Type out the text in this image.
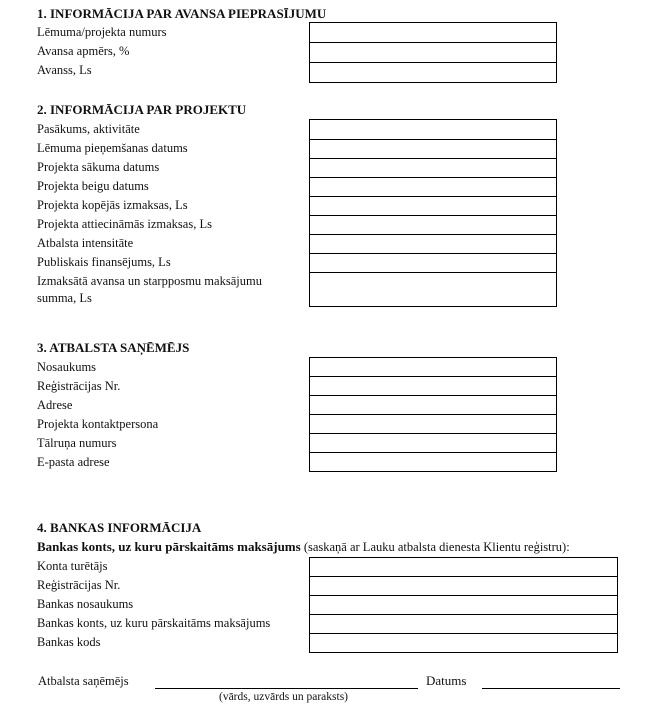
1. INFORMĀCIJA PAR AVANSA PIEPRASĪJUMU
Lēmuma/projekta numurs
Avansa apmērs, %
Avanss, Ls
2. INFORMĀCIJA PAR PROJEKTU
Pasākums, aktivitāte
Lēmuma pieņemšanas datums
Projekta sākuma datums
Projekta beigu datums
Projekta kopējās izmaksas, Ls
Projekta attiecināmās izmaksas, Ls
Atbalsta intensitāte
Publiskais finansējums, Ls
Izmaksātā avansa un starpposmu maksājumu
summa, Ls
3. ATBALSTA SAŅĒMĒJS
Nosaukums
Reģistrācijas Nr.
Adrese
Projekta kontaktpersona
Tālruņa numurs
E-pasta adrese
4. BANKAS INFORMĀCIJA
Bankas konts, uz kuru pārskaitāms maksājums (saskaņā ar Lauku atbalsta dienesta Klientu reģistru):
Konta turētājs
Reģistrācijas Nr.
Bankas nosaukums
Bankas konts, uz kuru pārskaitāms maksājums
Bankas kods
Atbalsta saņēmējs
(vārds, uzvārds un paraksts)
Datums
